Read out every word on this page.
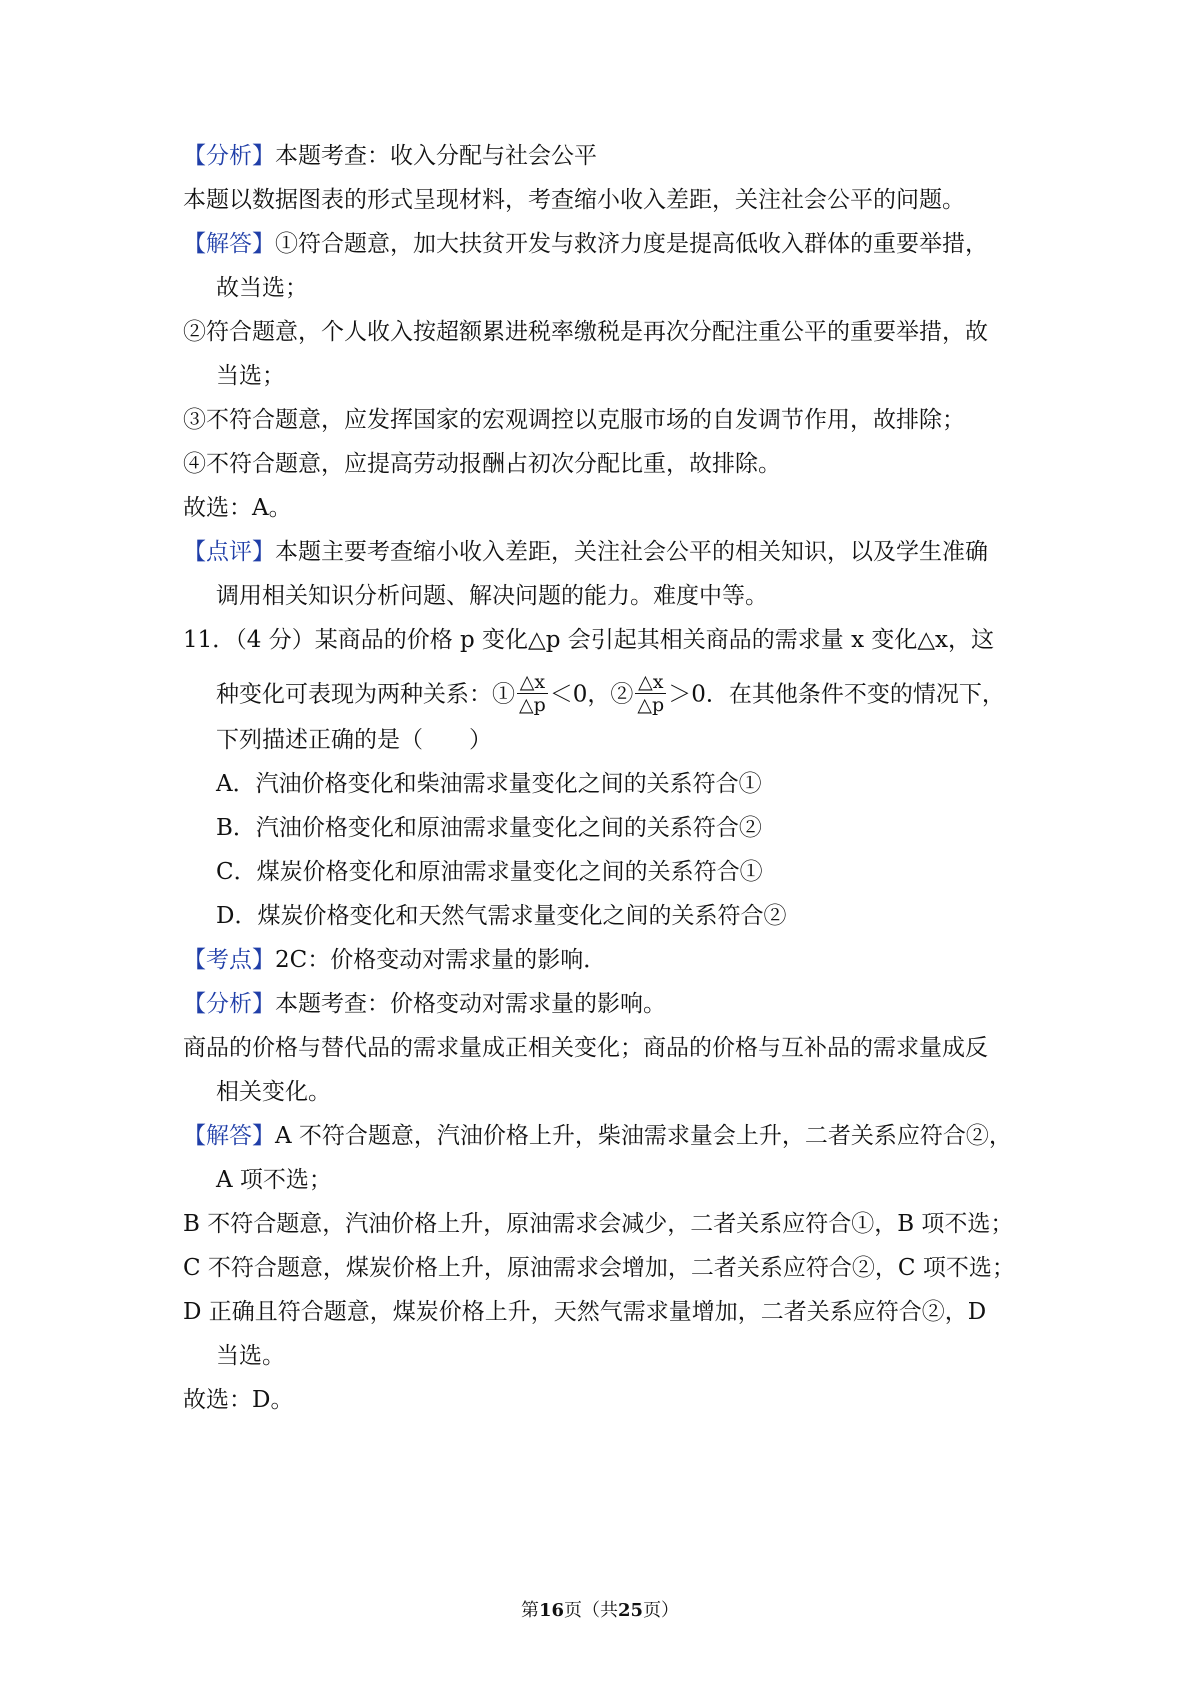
【分析】本题考查：收入分配与社会公平
本题以数据图表的形式呈现材料，考查缩小收入差距，关注社会公平的问题。
【解答】①符合题意，加大扶贫开发与救济力度是提高低收入群体的重要举措，
故当选；
②符合题意，个人收入按超额累进税率缴税是再次分配注重公平的重要举措，故
当选；
③不符合题意，应发挥国家的宏观调控以克服市场的自发调节作用，故排除；
④不符合题意，应提高劳动报酬占初次分配比重，故排除。
故选：A。
【点评】本题主要考查缩小收入差距，关注社会公平的相关知识，以及学生准确
调用相关知识分析问题、解决问题的能力。难度中等。
11．（4 分）某商品的价格 p 变化△p 会引起其相关商品的需求量 x 变化△x，这
种变化可表现为两种关系：① $\frac{\triangle x}{\triangle p} <0$，② $\frac{\triangle x}{\triangle p} >0$．在其他条件不变的情况下，
下列描述正确的是（　　）
A．汽油价格变化和柴油需求量变化之间的关系符合①
B．汽油价格变化和原油需求量变化之间的关系符合②
C．煤炭价格变化和原油需求量变化之间的关系符合①
D．煤炭价格变化和天然气需求量变化之间的关系符合②
【考点】2C：价格变动对需求量的影响．
【分析】本题考查：价格变动对需求量的影响。
商品的价格与替代品的需求量成正相关变化；商品的价格与互补品的需求量成反
相关变化。
【解答】A 不符合题意，汽油价格上升，柴油需求量会上升，二者关系应符合②，
A 项不选；
B 不符合题意，汽油价格上升，原油需求会减少，二者关系应符合①，B 项不选；
C 不符合题意，煤炭价格上升，原油需求会增加，二者关系应符合②，C 项不选；
D 正确且符合题意，煤炭价格上升，天然气需求量增加，二者关系应符合②，D
当选。
故选：D。
第16页（共25页）
